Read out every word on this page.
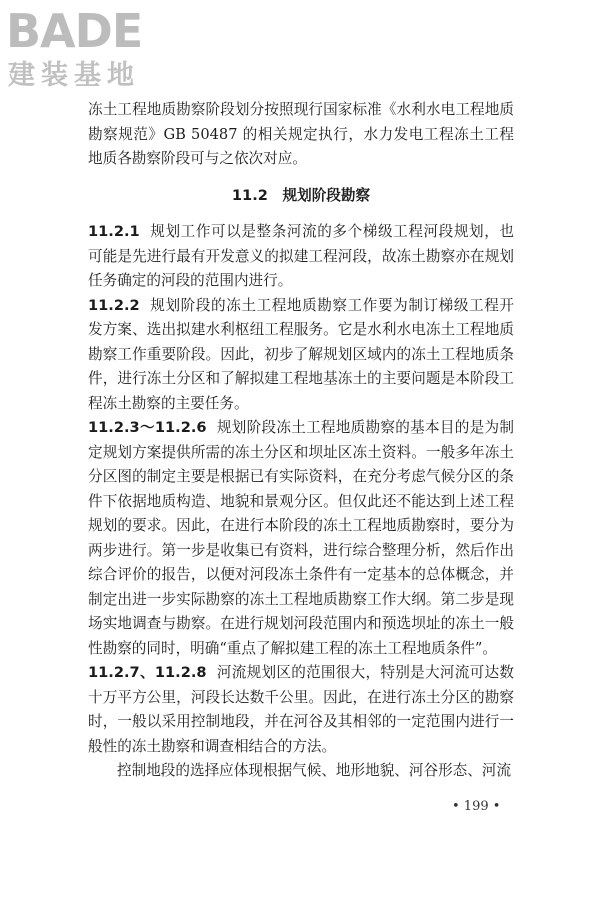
BADE
建装基地

冻土工程地质勘察阶段划分按照现行国家标准《水利水电工程地质勘察规范》GB 50487 的相关规定执行，水力发电工程冻土工程地质各勘察阶段可与之依次对应。

11.2　规划阶段勘察

11.2.1 规划工作可以是整条河流的多个梯级工程河段规划，也可能是先进行最有开发意义的拟建工程河段，故冻土勘察亦在规划任务确定的河段的范围内进行。

11.2.2 规划阶段的冻土工程地质勘察工作要为制订梯级工程开发方案、选出拟建水利枢纽工程服务。它是水利水电冻土工程地质勘察工作重要阶段。因此，初步了解规划区域内的冻土工程地质条件，进行冻土分区和了解拟建工程地基冻土的主要问题是本阶段工程冻土勘察的主要任务。

11.2.3～11.2.6 规划阶段冻土工程地质勘察的基本目的是为制定规划方案提供所需的冻土分区和坝址区冻土资料。一般多年冻土分区图的制定主要是根据已有实际资料，在充分考虑气候分区的条件下依据地质构造、地貌和景观分区。但仅此还不能达到上述工程规划的要求。因此，在进行本阶段的冻土工程地质勘察时，要分为两步进行。第一步是收集已有资料，进行综合整理分析，然后作出综合评价的报告，以便对河段冻土条件有一定基本的总体概念，并制定出进一步实际勘察的冻土工程地质勘察工作大纲。第二步是现场实地调查与勘察。在进行规划河段范围内和预选坝址的冻土一般性勘察的同时，明确“重点了解拟建工程的冻土工程地质条件”。

11.2.7、11.2.8 河流规划区的范围很大，特别是大河流可达数十万平方公里，河段长达数千公里。因此，在进行冻土分区的勘察时，一般以采用控制地段，并在河谷及其相邻的一定范围内进行一般性的冻土勘察和调查相结合的方法。

控制地段的选择应体现根据气候、地形地貌、河谷形态、河流

• 199 •
